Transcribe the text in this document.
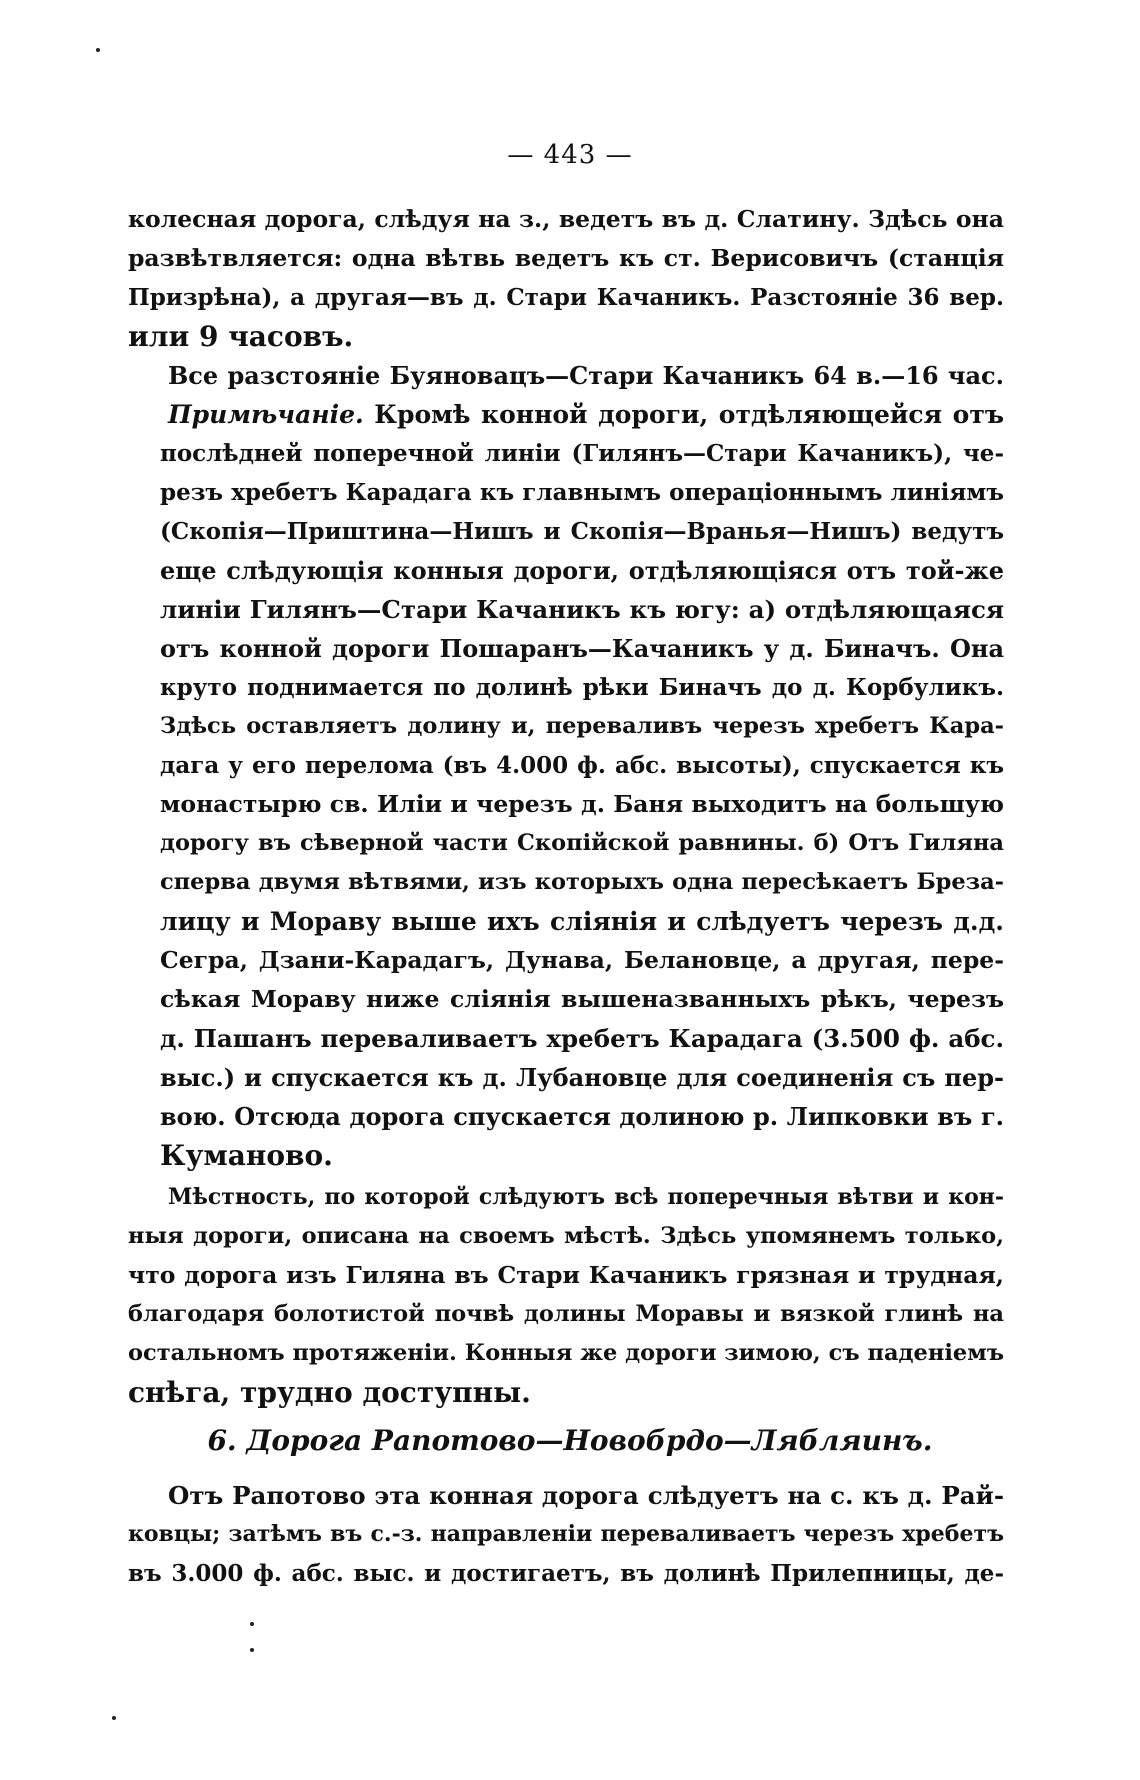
— 443 —
колесная дорога, слѣдуя на з., ведетъ въ д. Слатину. Здѣсь она
развѣтвляется: одна вѣтвь ведетъ къ ст. Верисовичъ (станція
Призрѣна), а другая—въ д. Стари Качаникъ. Разстояніе 36 вер.
или 9 часовъ.
Все разстояніе Буяновацъ—Стари Качаникъ 64 в.—16 час.
Примѣчаніе. Кромѣ конной дороги, отдѣляющейся отъ
послѣдней поперечной линіи (Гилянъ—Стари Качаникъ), че-
резъ хребетъ Карадага къ главнымъ операціоннымъ линіямъ
(Скопія—Приштина—Нишъ и Скопія—Вранья—Нишъ) ведутъ
еще слѣдующія конныя дороги, отдѣляющіяся отъ той-же
линіи Гилянъ—Стари Качаникъ къ югу: а) отдѣляющаяся
отъ конной дороги Пошаранъ—Качаникъ у д. Биначъ. Она
круто поднимается по долинѣ рѣки Биначъ до д. Корбуликъ.
Здѣсь оставляетъ долину и, переваливъ черезъ хребетъ Кара-
дага у его перелома (въ 4.000 ф. абс. высоты), спускается къ
монастырю св. Иліи и черезъ д. Баня выходитъ на большую
дорогу въ сѣверной части Скопійской равнины. б) Отъ Гиляна
сперва двумя вѣтвями, изъ которыхъ одна пересѣкаетъ Бреза-
лицу и Мораву выше ихъ сліянія и слѣдуетъ черезъ д.д.
Сегра, Дзани-Карадагъ, Дунава, Белановце, а другая, пере-
сѣкая Мораву ниже сліянія вышеназванныхъ рѣкъ, черезъ
д. Пашанъ переваливаетъ хребетъ Карадага (3.500 ф. абс.
выс.) и спускается къ д. Лубановце для соединенія съ пер-
вою. Отсюда дорога спускается долиною р. Липковки въ г.
Куманово.
Мѣстность, по которой слѣдуютъ всѣ поперечныя вѣтви и кон-
ныя дороги, описана на своемъ мѣстѣ. Здѣсь упомянемъ только,
что дорога изъ Гиляна въ Стари Качаникъ грязная и трудная,
благодаря болотистой почвѣ долины Моравы и вязкой глинѣ на
остальномъ протяженіи. Конныя же дороги зимою, съ паденіемъ
снѣга, трудно доступны.
6. Дорога Рапотово—Новобрдо—Лябляинъ.
Отъ Рапотово эта конная дорога слѣдуетъ на с. къ д. Рай-
ковцы; затѣмъ въ с.-з. направленіи переваливаетъ черезъ хребетъ
въ 3.000 ф. абс. выс. и достигаетъ, въ долинѣ Прилепницы, де-
